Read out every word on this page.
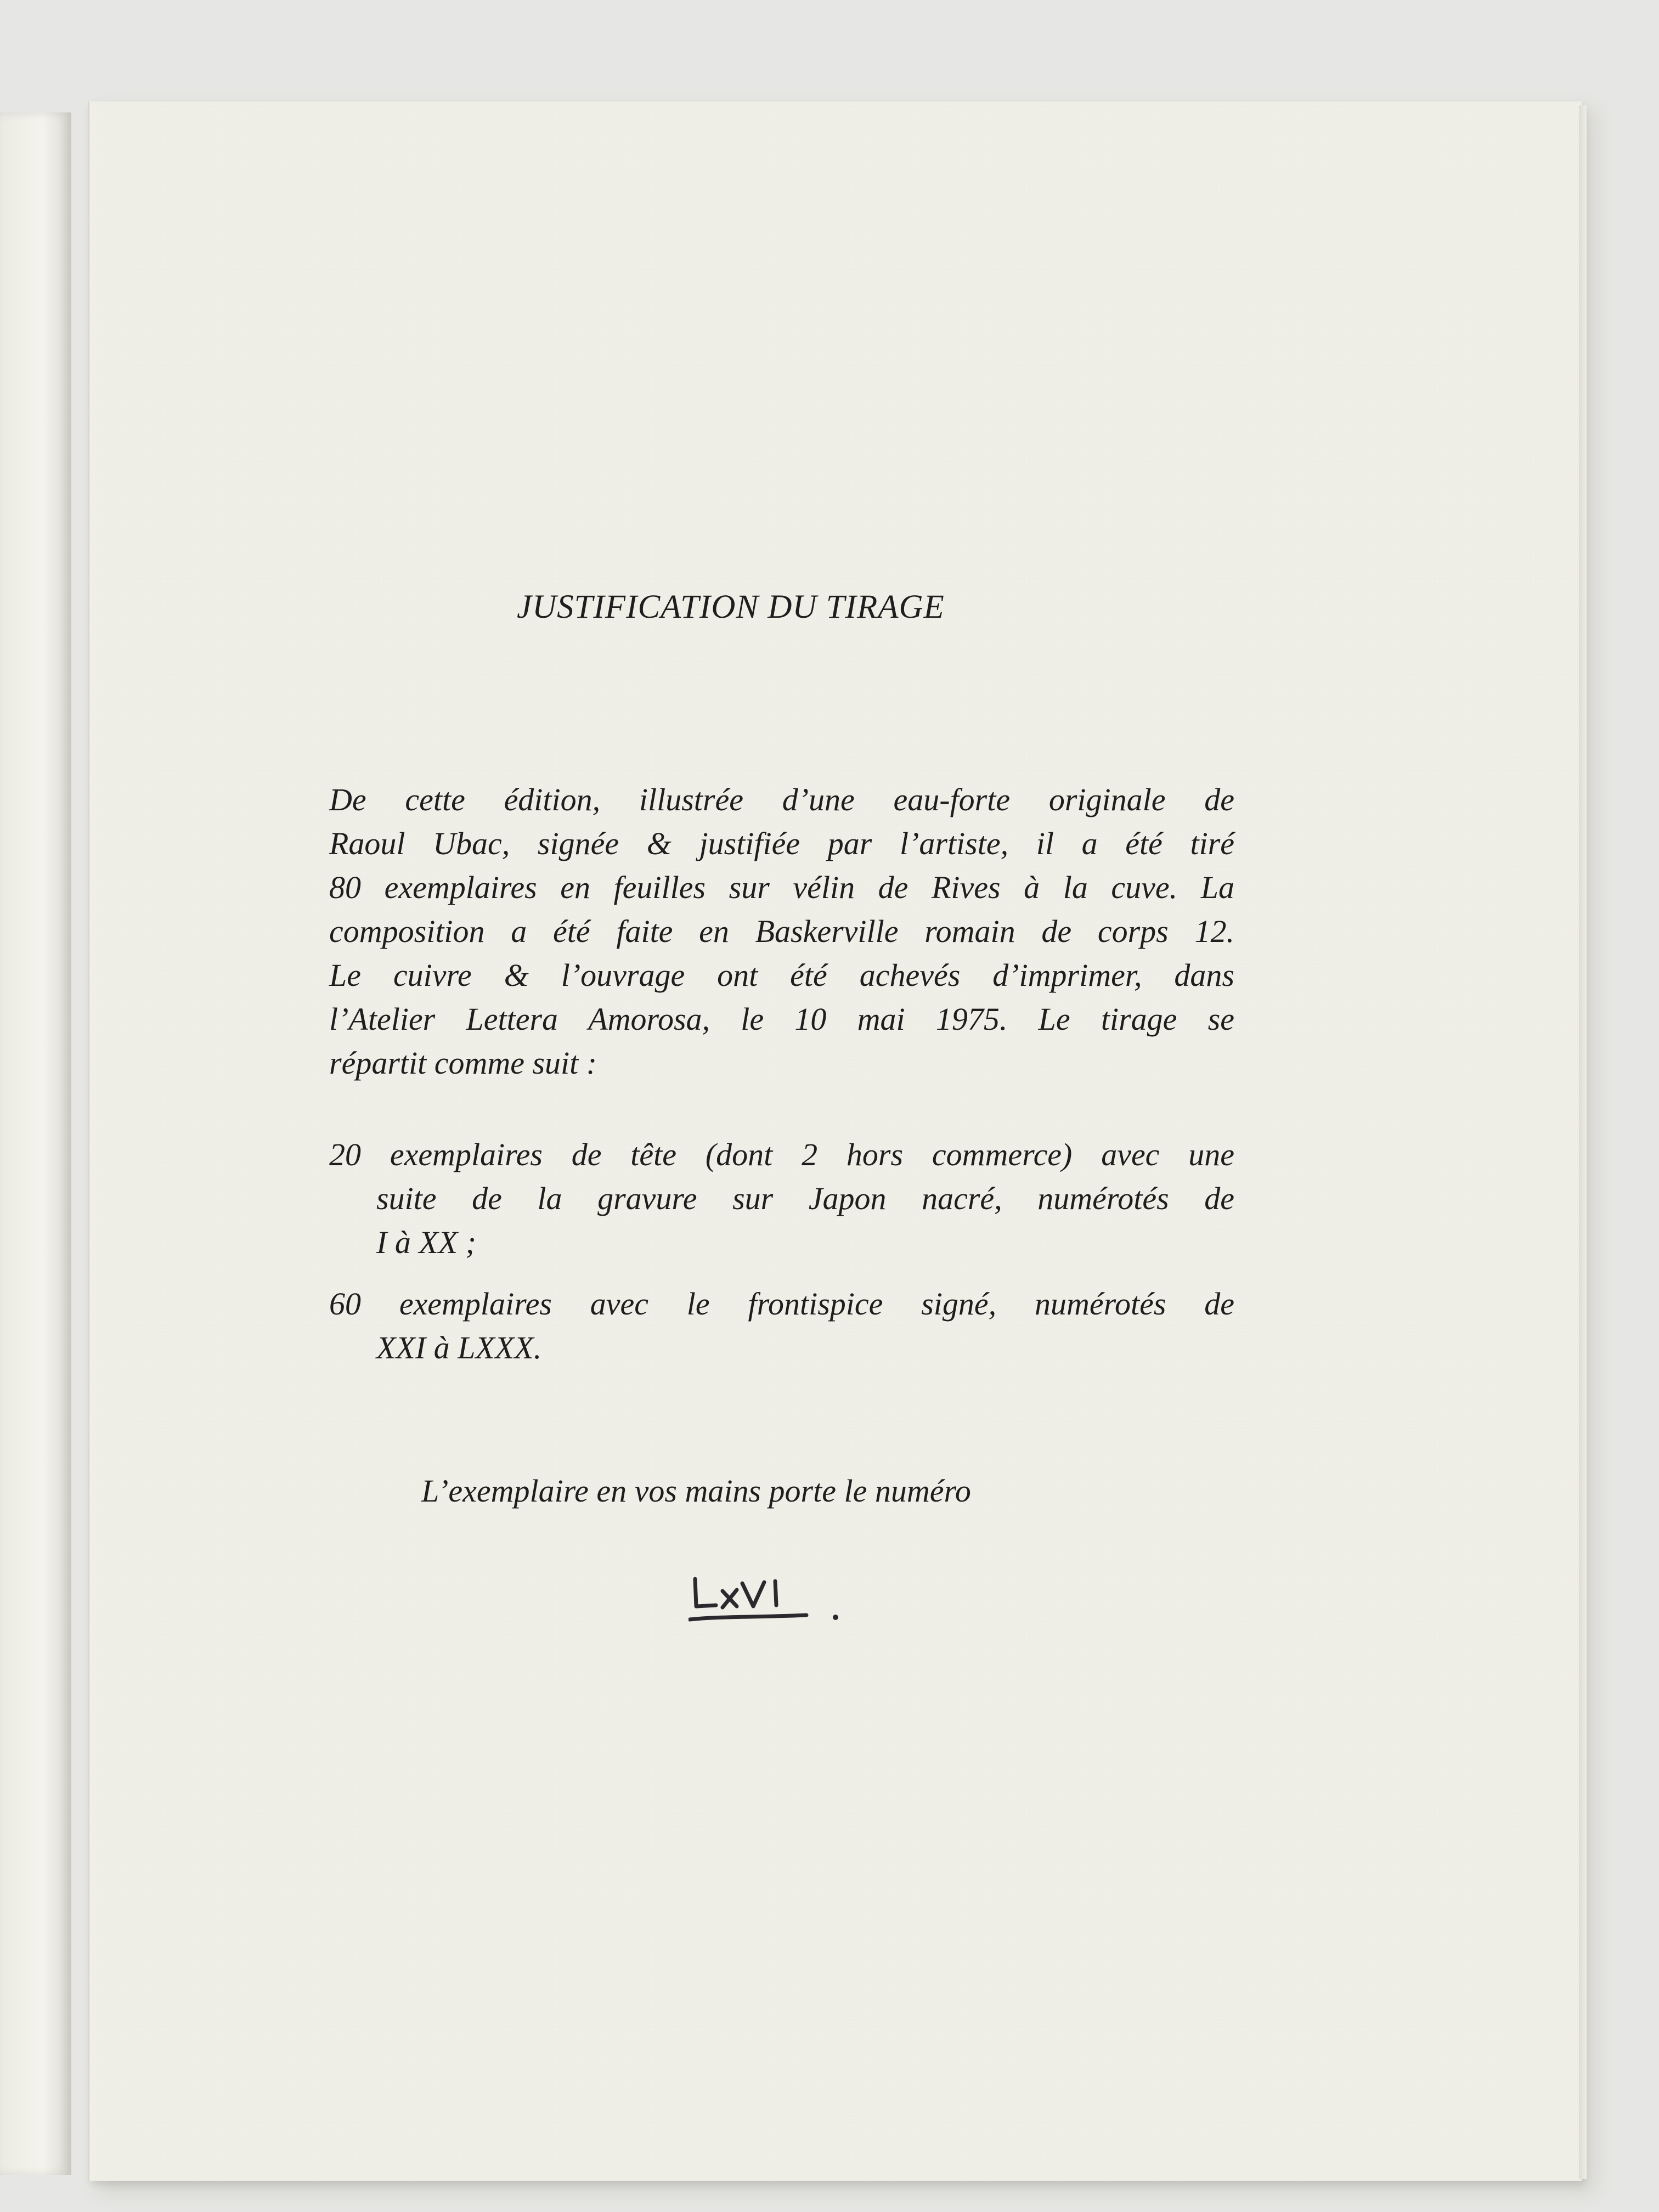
JUSTIFICATION DU TIRAGE
De cette édition, illustrée d’une eau-forte originale de
Raoul Ubac, signée & justifiée par l’artiste, il a été tiré
80 exemplaires en feuilles sur vélin de Rives à la cuve. La
composition a été faite en Baskerville romain de corps 12.
Le cuivre & l’ouvrage ont été achevés d’imprimer, dans
l’Atelier Lettera Amorosa, le 10 mai 1975. Le tirage se
répartit comme suit :
20 exemplaires de tête (dont 2 hors commerce) avec une
suite de la gravure sur Japon nacré, numérotés de
I à XX ;
60 exemplaires avec le frontispice signé, numérotés de
XXI à LXXX.
L’exemplaire en vos mains porte le numéro
